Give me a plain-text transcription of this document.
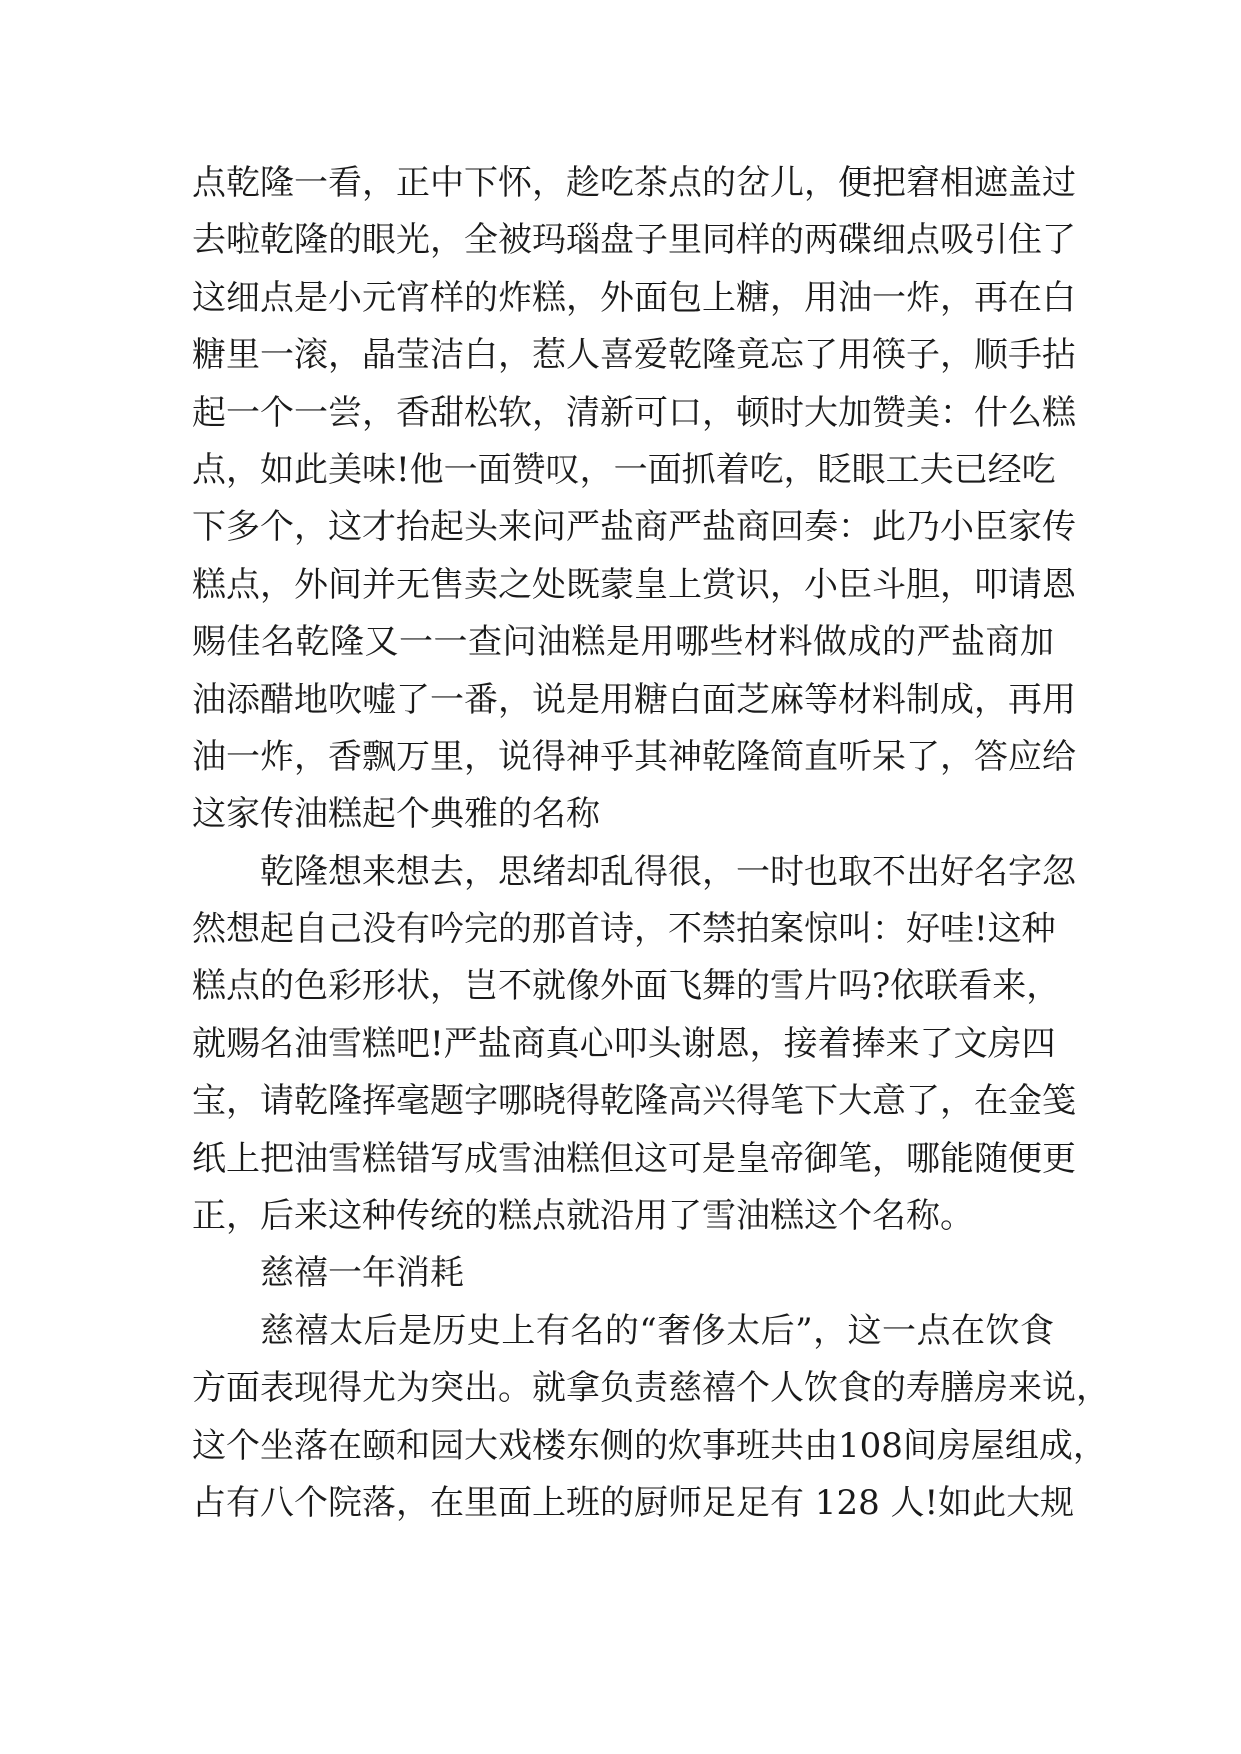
点乾隆一看，正中下怀，趁吃茶点的岔儿，便把窘相遮盖过
去啦乾隆的眼光，全被玛瑙盘子里同样的两碟细点吸引住了
这细点是小元宵样的炸糕，外面包上糖，用油一炸，再在白
糖里一滚，晶莹洁白，惹人喜爱乾隆竟忘了用筷子，顺手拈
起一个一尝，香甜松软，清新可口，顿时大加赞美：什么糕
点，如此美味!他一面赞叹，一面抓着吃，眨眼工夫已经吃
下多个，这才抬起头来问严盐商严盐商回奏：此乃小臣家传
糕点，外间并无售卖之处既蒙皇上赏识，小臣斗胆，叩请恩
赐佳名乾隆又一一查问油糕是用哪些材料做成的严盐商加
油添醋地吹嘘了一番，说是用糖白面芝麻等材料制成，再用
油一炸，香飘万里，说得神乎其神乾隆简直听呆了，答应给
这家传油糕起个典雅的名称
乾隆想来想去，思绪却乱得很，一时也取不出好名字忽
然想起自己没有吟完的那首诗，不禁拍案惊叫：好哇!这种
糕点的色彩形状，岂不就像外面飞舞的雪片吗?依联看来，
就赐名油雪糕吧!严盐商真心叩头谢恩，接着捧来了文房四
宝，请乾隆挥毫题字哪晓得乾隆高兴得笔下大意了，在金笺
纸上把油雪糕错写成雪油糕但这可是皇帝御笔，哪能随便更
正，后来这种传统的糕点就沿用了雪油糕这个名称。
慈禧一年消耗
慈禧太后是历史上有名的“奢侈太后”，这一点在饮食
方面表现得尤为突出。就拿负责慈禧个人饮食的寿膳房来说，
这个坐落在颐和园大戏楼东侧的炊事班共由108间房屋组成，
占有八个院落，在里面上班的厨师足足有 128 人!如此大规
